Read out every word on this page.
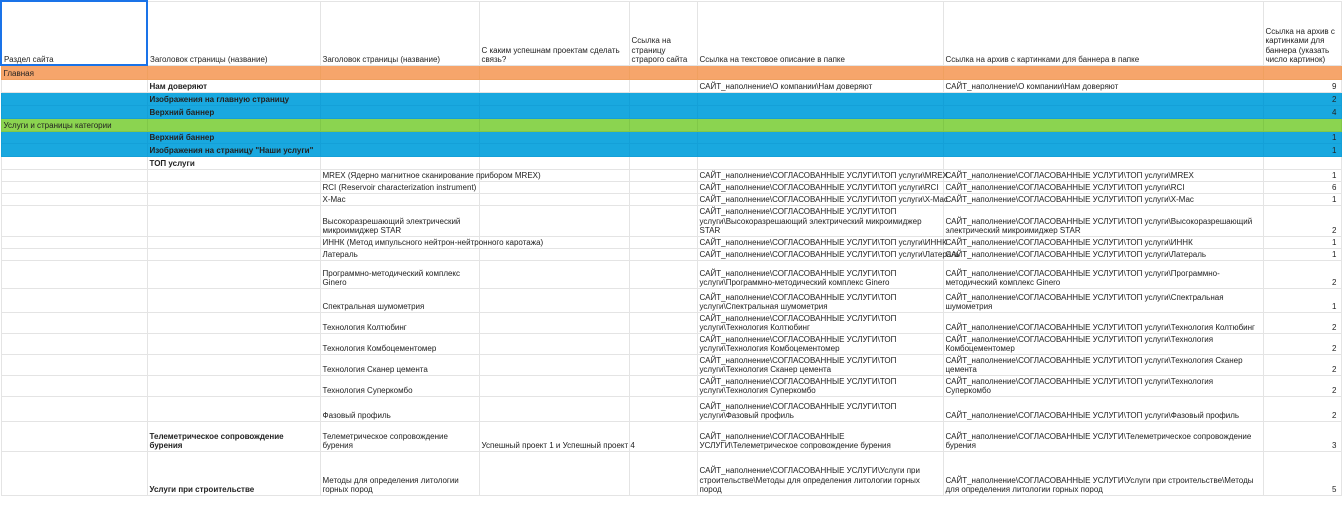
Раздел сайта	Заголовок страницы (название)	Заголовок страницы (название)	С каким успешнам проектам сделать связь?	Ссылка на страницу страрого сайта	Ссылка на текстовое описание в папке	Ссылка на архив с картинками для баннера в папке	Ссылка на архив с картинками для баннера (указать число картинок)
Главная							
	Нам доверяют				САЙТ_наполнение\О компании\Нам доверяют	САЙТ_наполнение\О компании\Нам доверяют	9
	Изображения на главную страницу						2
	Верхний баннер						4
Услуги и страницы категории							
	Верхний баннер						1
	Изображения на страницу "Наши услуги"						1
	ТОП услуги						
		MREX (Ядерно магнитное сканирование прибором MREX)			САЙТ_наполнение\СОГЛАСОВАННЫЕ УСЛУГИ\ТОП услуги\MREX	САЙТ_наполнение\СОГЛАСОВАННЫЕ УСЛУГИ\ТОП услуги\MREX	1
		RCI (Reservoir characterization instrument)			САЙТ_наполнение\СОГЛАСОВАННЫЕ УСЛУГИ\ТОП услуги\RCI	САЙТ_наполнение\СОГЛАСОВАННЫЕ УСЛУГИ\ТОП услуги\RCI	6
		X-Mac			САЙТ_наполнение\СОГЛАСОВАННЫЕ УСЛУГИ\ТОП услуги\X-Mac	САЙТ_наполнение\СОГЛАСОВАННЫЕ УСЛУГИ\ТОП услуги\X-Mac	1
		Высокоразрешающий электрический микроимиджер STAR			САЙТ_наполнение\СОГЛАСОВАННЫЕ УСЛУГИ\ТОП услуги\Высокоразрешающий электрический микроимиджер STAR	САЙТ_наполнение\СОГЛАСОВАННЫЕ УСЛУГИ\ТОП услуги\Высокоразрешающий электрический микроимиджер STAR	2
		ИННК (Метод импульсного нейтрон-нейтронного каротажа)			САЙТ_наполнение\СОГЛАСОВАННЫЕ УСЛУГИ\ТОП услуги\ИННК	САЙТ_наполнение\СОГЛАСОВАННЫЕ УСЛУГИ\ТОП услуги\ИННК	1
		Латераль			САЙТ_наполнение\СОГЛАСОВАННЫЕ УСЛУГИ\ТОП услуги\Латераль	САЙТ_наполнение\СОГЛАСОВАННЫЕ УСЛУГИ\ТОП услуги\Латераль	1
		Программно-методический комплекс Ginero			САЙТ_наполнение\СОГЛАСОВАННЫЕ УСЛУГИ\ТОП услуги\Программно-методический комплекс Ginero	САЙТ_наполнение\СОГЛАСОВАННЫЕ УСЛУГИ\ТОП услуги\Программно-методический комплекс Ginero	2
		Спектральная шумометрия			САЙТ_наполнение\СОГЛАСОВАННЫЕ УСЛУГИ\ТОП услуги\Спектральная шумометрия	САЙТ_наполнение\СОГЛАСОВАННЫЕ УСЛУГИ\ТОП услуги\Спектральная шумометрия	1
		Технология Колтюбинг			САЙТ_наполнение\СОГЛАСОВАННЫЕ УСЛУГИ\ТОП услуги\Технология Колтюбинг	САЙТ_наполнение\СОГЛАСОВАННЫЕ УСЛУГИ\ТОП услуги\Технология Колтюбинг	2
		Технология Комбоцементомер			САЙТ_наполнение\СОГЛАСОВАННЫЕ УСЛУГИ\ТОП услуги\Технология Комбоцементомер	САЙТ_наполнение\СОГЛАСОВАННЫЕ УСЛУГИ\ТОП услуги\Технология Комбоцементомер	2
		Технология Сканер цемента			САЙТ_наполнение\СОГЛАСОВАННЫЕ УСЛУГИ\ТОП услуги\Технология Сканер цемента	САЙТ_наполнение\СОГЛАСОВАННЫЕ УСЛУГИ\ТОП услуги\Технология Сканер цемента	2
		Технология Суперкомбо			САЙТ_наполнение\СОГЛАСОВАННЫЕ УСЛУГИ\ТОП услуги\Технология Суперкомбо	САЙТ_наполнение\СОГЛАСОВАННЫЕ УСЛУГИ\ТОП услуги\Технология Суперкомбо	2
		Фазовый профиль			САЙТ_наполнение\СОГЛАСОВАННЫЕ УСЛУГИ\ТОП услуги\Фазовый профиль	САЙТ_наполнение\СОГЛАСОВАННЫЕ УСЛУГИ\ТОП услуги\Фазовый профиль	2
	Телеметрическое сопровождение бурения	Телеметрическое сопровождение бурения	Успешный проект 1 и Успешный проект 4		САЙТ_наполнение\СОГЛАСОВАННЫЕ УСЛУГИ\Телеметрическое сопровождение бурения	САЙТ_наполнение\СОГЛАСОВАННЫЕ УСЛУГИ\Телеметрическое сопровождение бурения	3
	Услуги при строительстве	Методы для определения литологии горных пород			САЙТ_наполнение\СОГЛАСОВАННЫЕ УСЛУГИ\Услуги при строительстве\Методы для определения литологии горных пород	САЙТ_наполнение\СОГЛАСОВАННЫЕ УСЛУГИ\Услуги при строительстве\Методы для определения литологии горных пород	5
